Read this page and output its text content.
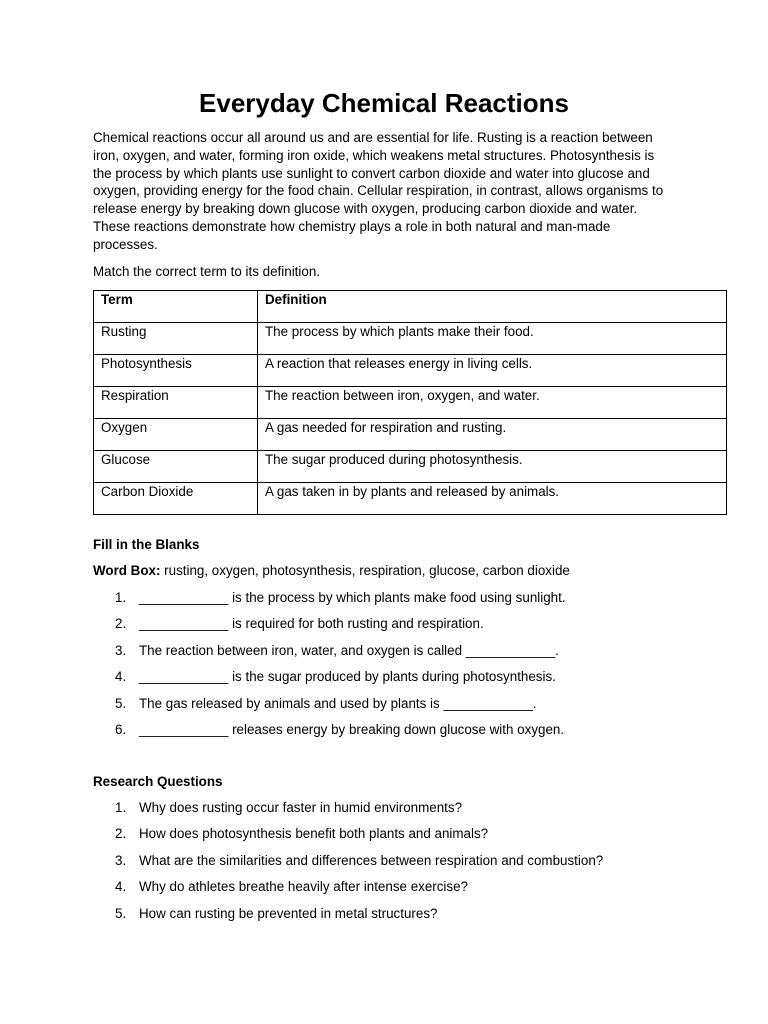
Everyday Chemical Reactions

Chemical reactions occur all around us and are essential for life. Rusting is a reaction between iron, oxygen, and water, forming iron oxide, which weakens metal structures. Photosynthesis is the process by which plants use sunlight to convert carbon dioxide and water into glucose and oxygen, providing energy for the food chain. Cellular respiration, in contrast, allows organisms to release energy by breaking down glucose with oxygen, producing carbon dioxide and water. These reactions demonstrate how chemistry plays a role in both natural and man-made processes.

Match the correct term to its definition.

Term	Definition
Rusting	The process by which plants make their food.
Photosynthesis	A reaction that releases energy in living cells.
Respiration	The reaction between iron, oxygen, and water.
Oxygen	A gas needed for respiration and rusting.
Glucose	The sugar produced during photosynthesis.
Carbon Dioxide	A gas taken in by plants and released by animals.
Fill in the Blanks
Word Box: rusting, oxygen, photosynthesis, respiration, glucose, carbon dioxide
1. ____________ is the process by which plants make food using sunlight.
2. ____________ is required for both rusting and respiration.
3. The reaction between iron, water, and oxygen is called ____________.
4. ____________ is the sugar produced by plants during photosynthesis.
5. The gas released by animals and used by plants is ____________.
6. ____________ releases energy by breaking down glucose with oxygen.
Research Questions
1. Why does rusting occur faster in humid environments?
2. How does photosynthesis benefit both plants and animals?
3. What are the similarities and differences between respiration and combustion?
4. Why do athletes breathe heavily after intense exercise?
5. How can rusting be prevented in metal structures?
